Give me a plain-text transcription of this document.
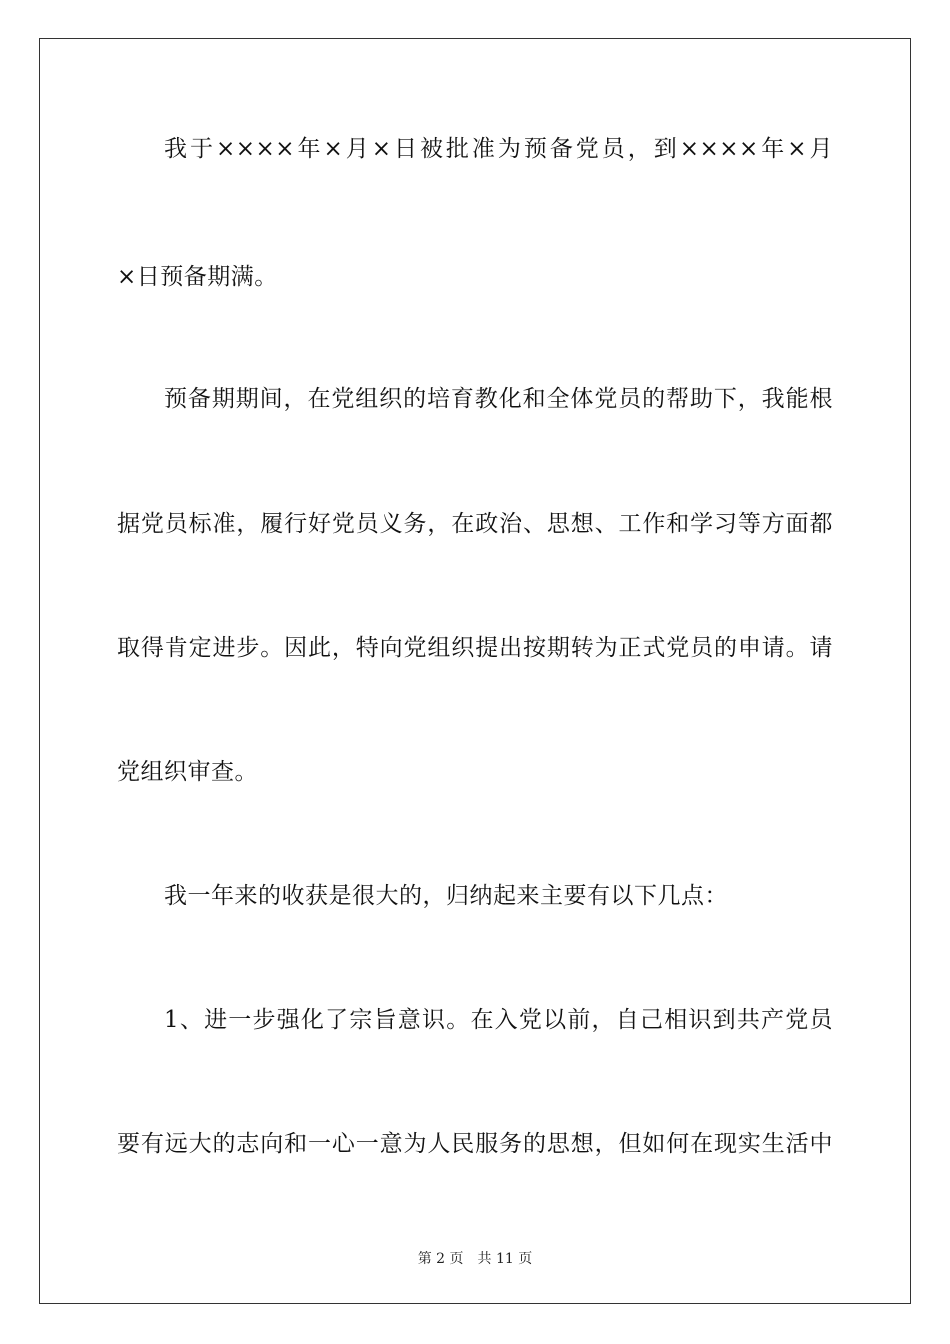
我于××××年×月×日被批准为预备党员，到××××年×月
×日预备期满。
预备期期间，在党组织的培育教化和全体党员的帮助下，我能根
据党员标准，履行好党员义务，在政治、思想、工作和学习等方面都
取得肯定进步。因此，特向党组织提出按期转为正式党员的申请。请
党组织审查。
我一年来的收获是很大的，归纳起来主要有以下几点：
1、进一步强化了宗旨意识。在入党以前，自己相识到共产党员
要有远大的志向和一心一意为人民服务的思想，但如何在现实生活中
第 2 页 共 11 页
